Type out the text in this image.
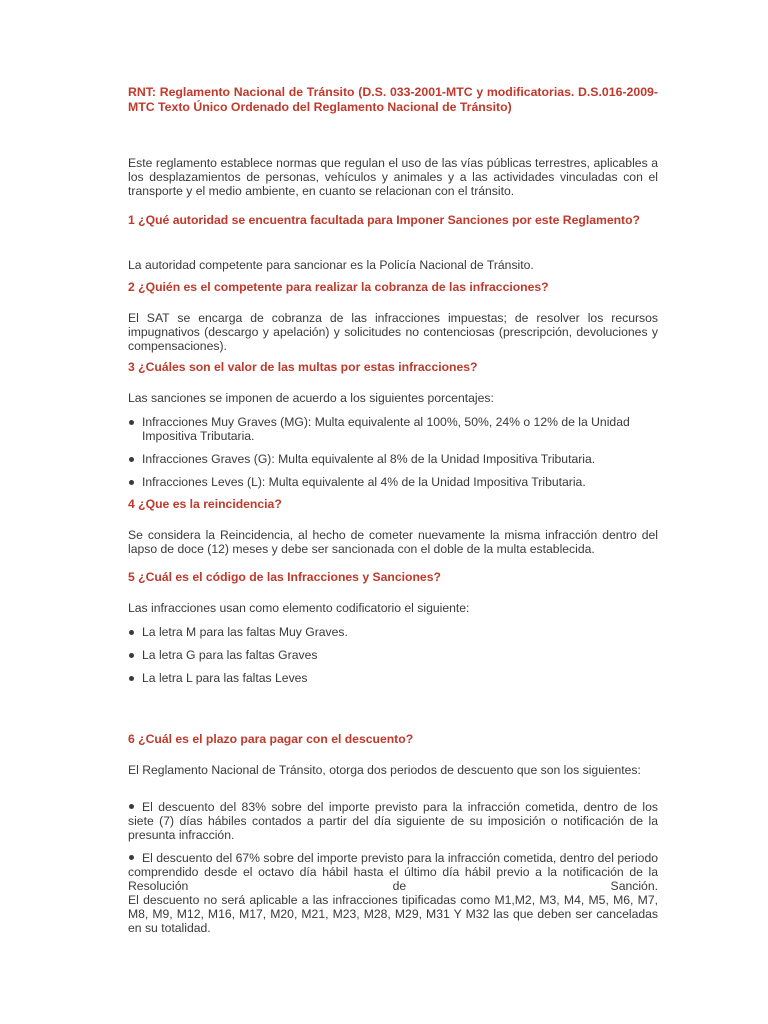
RNT: Reglamento Nacional de Tránsito (D.S. 033-2001-MTC y modificatorias. D.S.016-2009-MTC Texto Único Ordenado del Reglamento Nacional de Tránsito)

Este reglamento establece normas que regulan el uso de las vías públicas terrestres, aplicables a los desplazamientos de personas, vehículos y animales y a las actividades vinculadas con el transporte y el medio ambiente, en cuanto se relacionan con el tránsito.

1 ¿Qué autoridad se encuentra facultada para Imponer Sanciones por este Reglamento?

La autoridad competente para sancionar es la Policía Nacional de Tránsito.

2 ¿Quién es el competente para realizar la cobranza de las infracciones?

El SAT se encarga de cobranza de las infracciones impuestas; de resolver los recursos impugnativos (descargo y apelación) y solicitudes no contenciosas (prescripción, devoluciones y compensaciones).

3 ¿Cuáles son el valor de las multas por estas infracciones?

Las sanciones se imponen de acuerdo a los siguientes porcentajes:

Infracciones Muy Graves (MG): Multa equivalente al 100%, 50%, 24% o 12% de la Unidad Impositiva Tributaria.
Infracciones Graves (G): Multa equivalente al 8% de la Unidad Impositiva Tributaria.
Infracciones Leves (L): Multa equivalente al 4% de la Unidad Impositiva Tributaria.

4 ¿Que es la reincidencia?

Se considera la Reincidencia, al hecho de cometer nuevamente la misma infracción dentro del lapso de doce (12) meses y debe ser sancionada con el doble de la multa establecida.

5 ¿Cuál es el código de las Infracciones y Sanciones?

Las infracciones usan como elemento codificatorio el siguiente:

La letra M para las faltas Muy Graves.
La letra G para las faltas Graves
La letra L para las faltas Leves

6 ¿Cuál es el plazo para pagar con el descuento?

El Reglamento Nacional de Tránsito, otorga dos periodos de descuento que son los siguientes:

El descuento del 83% sobre del importe previsto para la infracción cometida, dentro de los siete (7) días hábiles contados a partir del día siguiente de su imposición o notificación de la presunta infracción.

El descuento del 67% sobre del importe previsto para la infracción cometida, dentro del periodo comprendido desde el octavo día hábil hasta el último día hábil previo a la notificación de la Resolución de Sanción.

El descuento no será aplicable a las infracciones tipificadas como M1,M2, M3, M4, M5, M6, M7, M8, M9, M12, M16, M17, M20, M21, M23, M28, M29, M31 Y M32 las que deben ser canceladas en su totalidad.
